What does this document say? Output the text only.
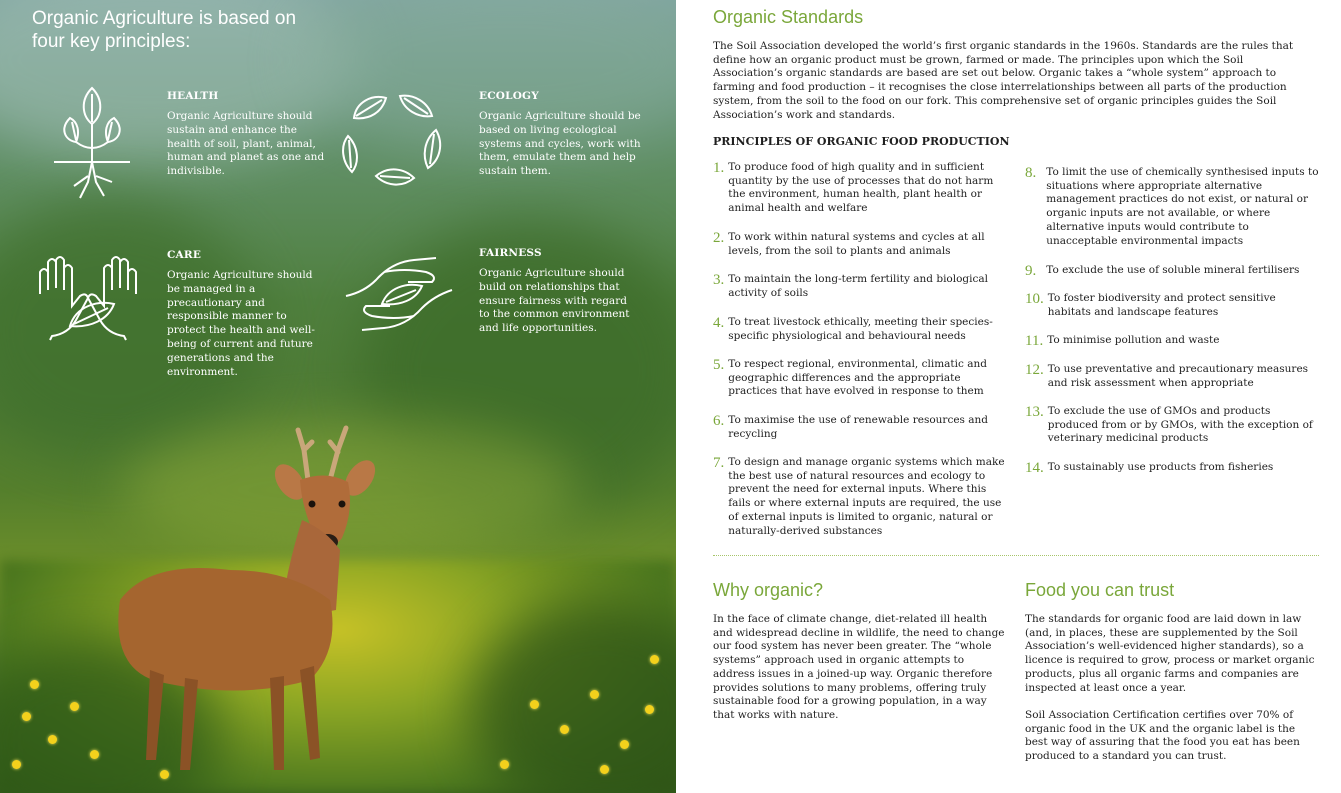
Organic Agriculture is based on four key principles:
HEALTH

Organic Agriculture should sustain and enhance the health of soil, plant, animal, human and planet as one and indivisible.

ECOLOGY

Organic Agriculture should be based on living ecological systems and cycles, work with them, emulate them and help sustain them.

CARE

Organic Agriculture should be managed in a precautionary and responsible manner to protect the health and well-being of current and future generations and the environment.

FAIRNESS

Organic Agriculture should build on relationships that ensure fairness with regard to the common environment and life opportunities.

Organic Standards

The Soil Association developed the world’s first organic standards in the 1960s. Standards are the rules that define how an organic product must be grown, farmed or made. The principles upon which the Soil Association’s organic standards are based are set out below. Organic takes a “whole system” approach to farming and food production – it recognises the close interrelationships between all parts of the production system, from the soil to the food on our fork. This comprehensive set of organic principles guides the Soil Association’s work and standards.

PRINCIPLES OF ORGANIC FOOD PRODUCTION
1. To produce food of high quality and in sufficient quantity by the use of processes that do not harm the environment, human health, plant health or animal health and welfare
2. To work within natural systems and cycles at all levels, from the soil to plants and animals
3. To maintain the long-term fertility and biological activity of soils
4. To treat livestock ethically, meeting their species-specific physiological and behavioural needs
5. To respect regional, environmental, climatic and geographic differences and the appropriate practices that have evolved in response to them
6. To maximise the use of renewable resources and recycling
7. To design and manage organic systems which make the best use of natural resources and ecology to prevent the need for external inputs. Where this fails or where external inputs are required, the use of external inputs is limited to organic, natural or naturally-derived substances
8. To limit the use of chemically synthesised inputs to situations where appropriate alternative management practices do not exist, or natural or organic inputs are not available, or where alternative inputs would contribute to unacceptable environmental impacts
9. To exclude the use of soluble mineral fertilisers
10. To foster biodiversity and protect sensitive habitats and landscape features
11. To minimise pollution and waste
12. To use preventative and precautionary measures and risk assessment when appropriate
13. To exclude the use of GMOs and products produced from or by GMOs, with the exception of veterinary medicinal products
14. To sustainably use products from fisheries
Why organic?

In the face of climate change, diet-related ill health and widespread decline in wildlife, the need to change our food system has never been greater. The “whole systems” approach used in organic attempts to address issues in a joined-up way. Organic therefore provides solutions to many problems, offering truly sustainable food for a growing population, in a way that works with nature.

Food you can trust

The standards for organic food are laid down in law (and, in places, these are supplemented by the Soil Association’s well-evidenced higher standards), so a licence is required to grow, process or market organic products, plus all organic farms and companies are inspected at least once a year.

Soil Association Certification certifies over 70% of organic food in the UK and the organic label is the best way of assuring that the food you eat has been produced to a standard you can trust.
